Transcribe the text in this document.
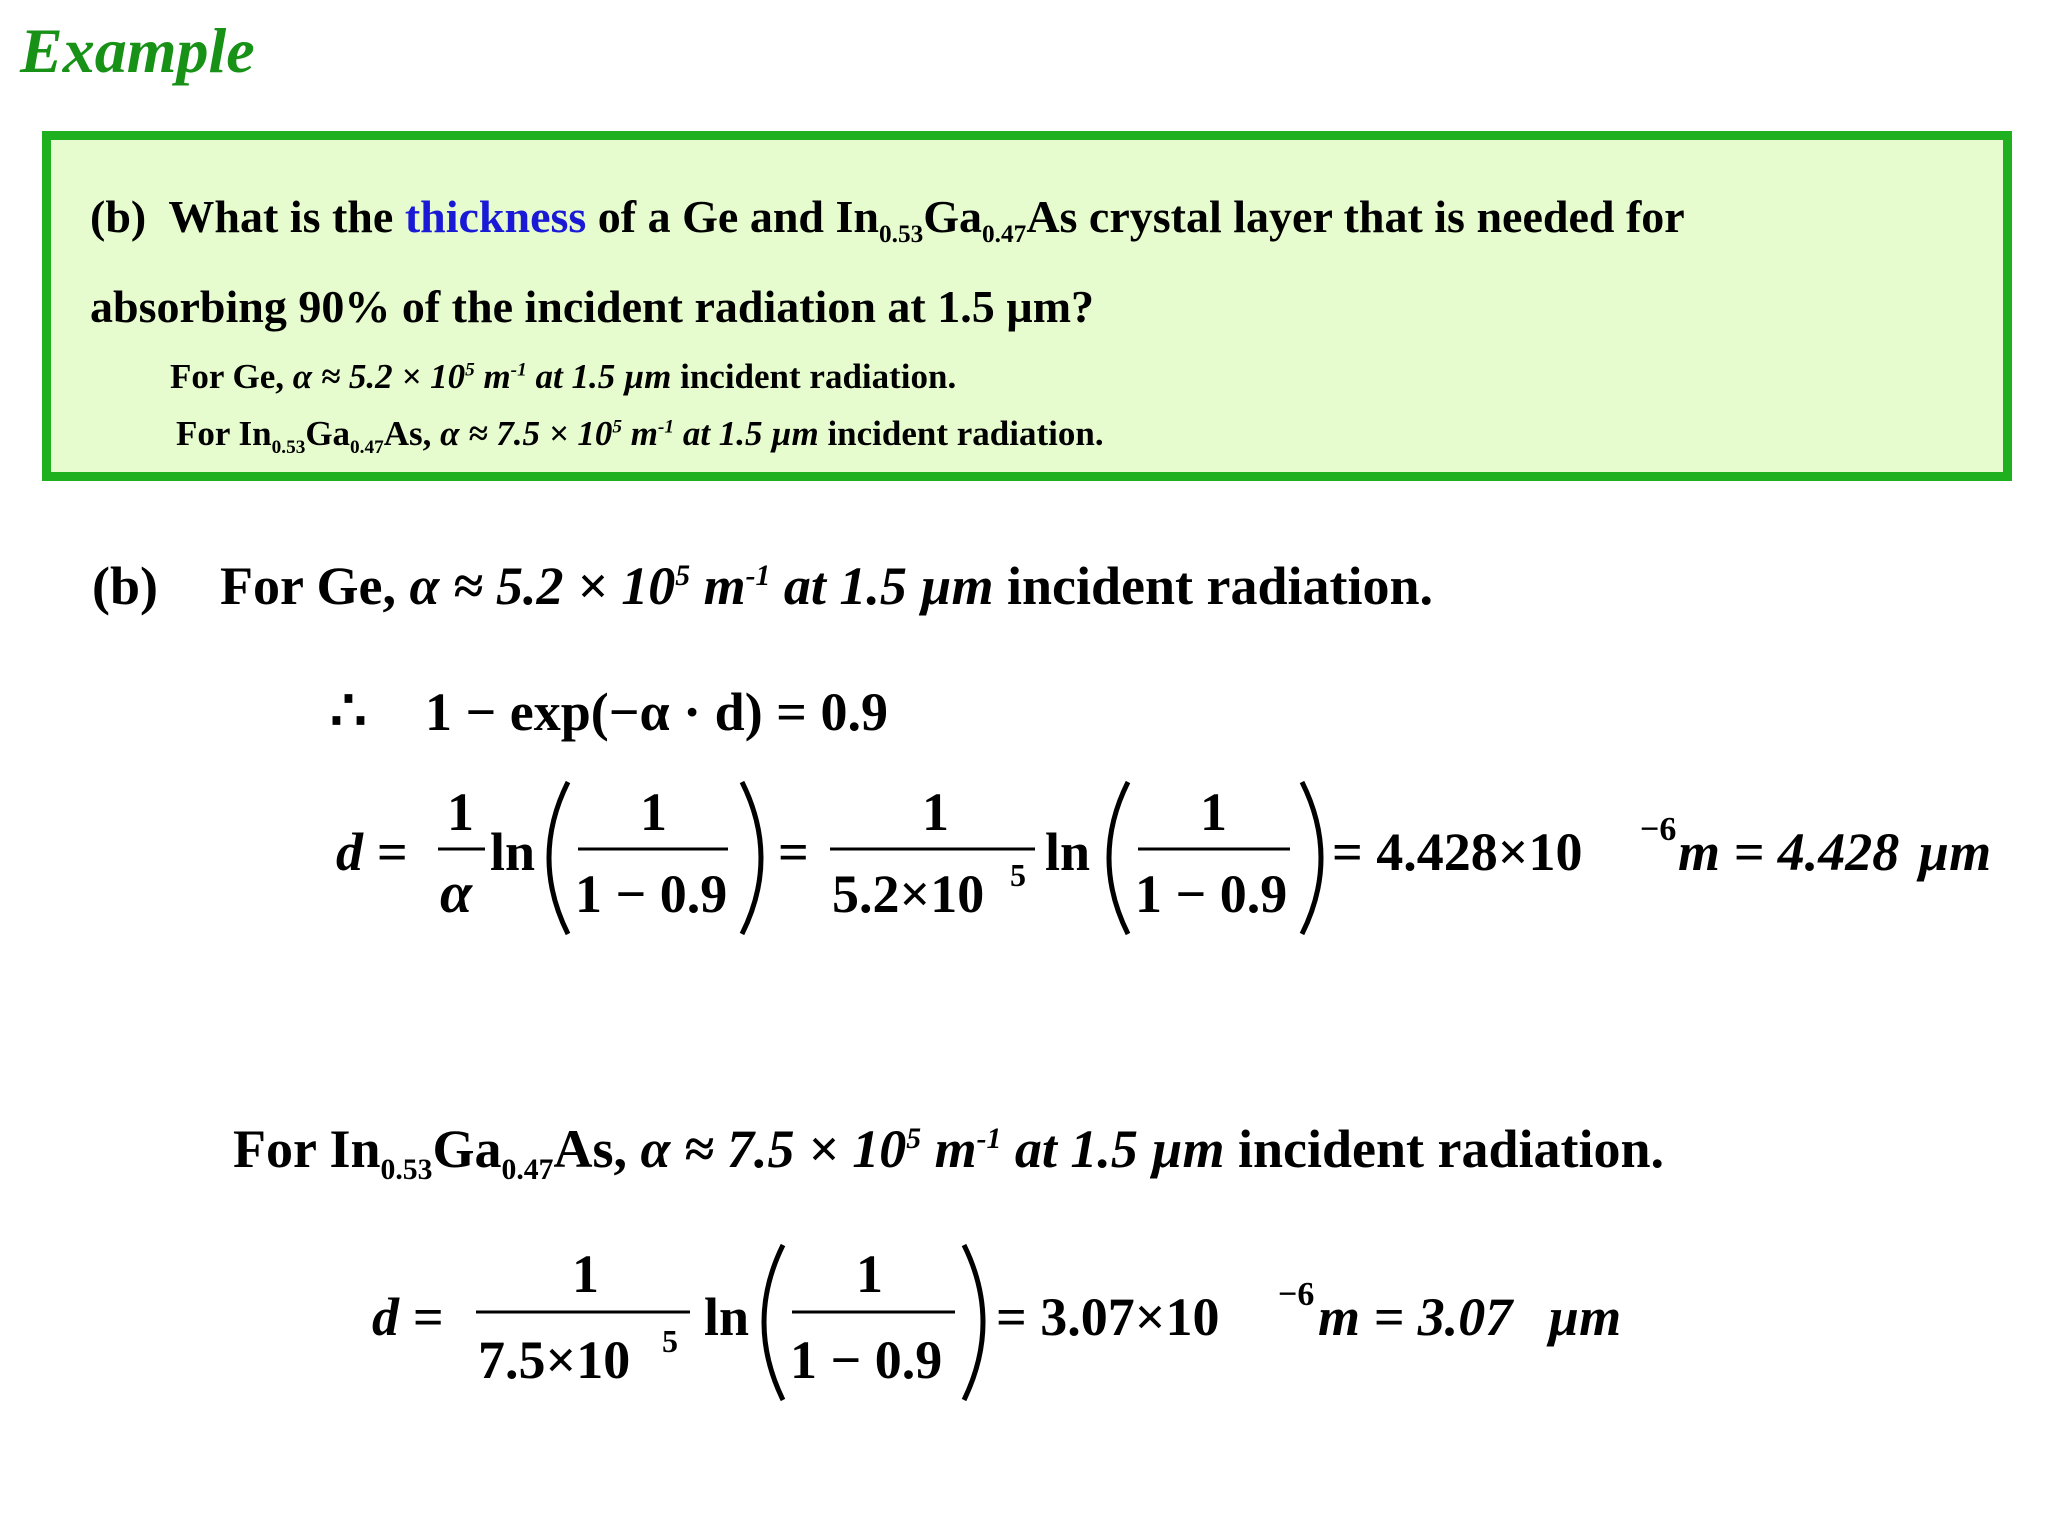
Example
(b) What is the thickness of a Ge and $In_{0.53}Ga_{0.47}As$ crystal layer that is needed for
absorbing 90% of the incident radiation at 1.5 µm?
For Ge, $\alpha \approx 5.2 \times 10^5$ $m^{-1}$ at 1.5 µm incident radiation.
For $In_{0.53}Ga_{0.47}As$, $\alpha \approx 7.5 \times 10^5$ $m^{-1}$ at 1.5 µm incident radiation.
(b) For Ge, $\alpha \approx 5.2 \times 10^5$ $m^{-1}$ at 1.5 µm incident radiation.
For $In_{0.53}Ga_{0.47}As$, $\alpha \approx 7.5 \times 10^5$ $m^{-1}$ at 1.5 µm incident radiation.
∴ 1 − exp(−α · d) = 0.9
d =
1
α
ln
1
1 − 0.9
=
1
5.2×10 5 ln
1
1 − 0.9
= 4.428×10 −6 m = 4.428 µm
d =
1
7.5×10 5 ln
1
1 − 0.9
= 3.07×10 −6 m = 3.07 µm
